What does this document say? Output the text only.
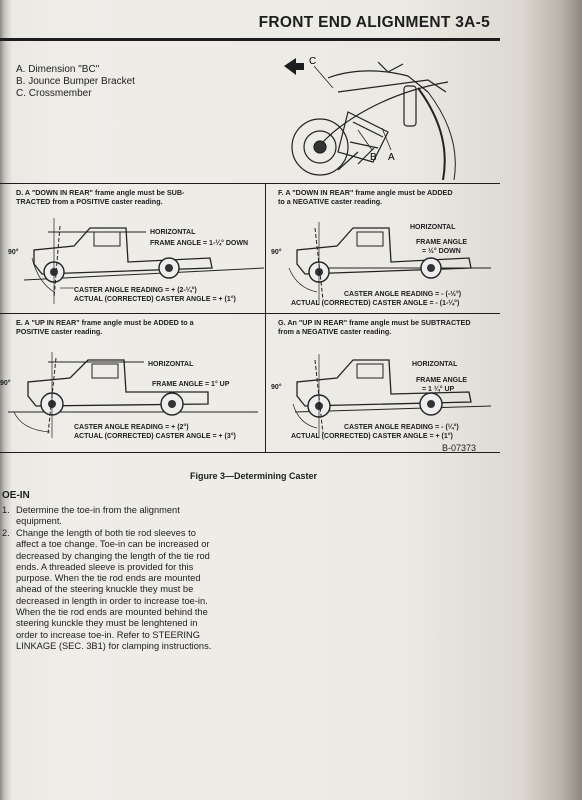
FRONT END ALIGNMENT 3A-5
A. Dimension "BC"
B. Jounce Bumper Bracket
C. Crossmember
C
B A
D. A "DOWN IN REAR" frame angle must be SUB-
TRACTED from a POSITIVE caster reading.
F. A "DOWN IN REAR" frame angle must be ADDED
to a NEGATIVE caster reading.
E. A "UP IN REAR" frame angle must be ADDED to a
POSITIVE caster reading.
G. An "UP IN REAR" frame angle must be SUBTRACTED
from a NEGATIVE caster reading.
HORIZONTAL
FRAME ANGLE = 1-¼° DOWN
90°
CASTER ANGLE READING = + (2-¼°)
ACTUAL (CORRECTED) CASTER ANGLE = + (1°)
HORIZONTAL
FRAME ANGLE
= ½° DOWN
90°
CASTER ANGLE READING = - (-½°)
ACTUAL (CORRECTED) CASTER ANGLE = - (1-¼°)
HORIZONTAL
FRAME ANGLE = 1° UP
90°
CASTER ANGLE READING = + (2°)
ACTUAL (CORRECTED) CASTER ANGLE = + (3°)
HORIZONTAL
FRAME ANGLE
= 1 ¼° UP
90°
CASTER ANGLE READING = - (¼°)
ACTUAL (CORRECTED) CASTER ANGLE = + (1°)
B-07373
Figure 3—Determining Caster
OE-IN
1. Determine the toe-in from the alignment equipment.
2. Change the length of both tie rod sleeves to affect a toe change. Toe-in can be increased or decreased by changing the length of the tie rod ends. A threaded sleeve is provided for this purpose. When the tie rod ends are mounted ahead of the steering knuckle they must be decreased in length in order to increase toe-in. When the tie rod ends are mounted behind the steering kunckle they must be lenghtened in order to increase toe-in. Refer to STEERING LINKAGE (SEC. 3B1) for clamping instructions.
